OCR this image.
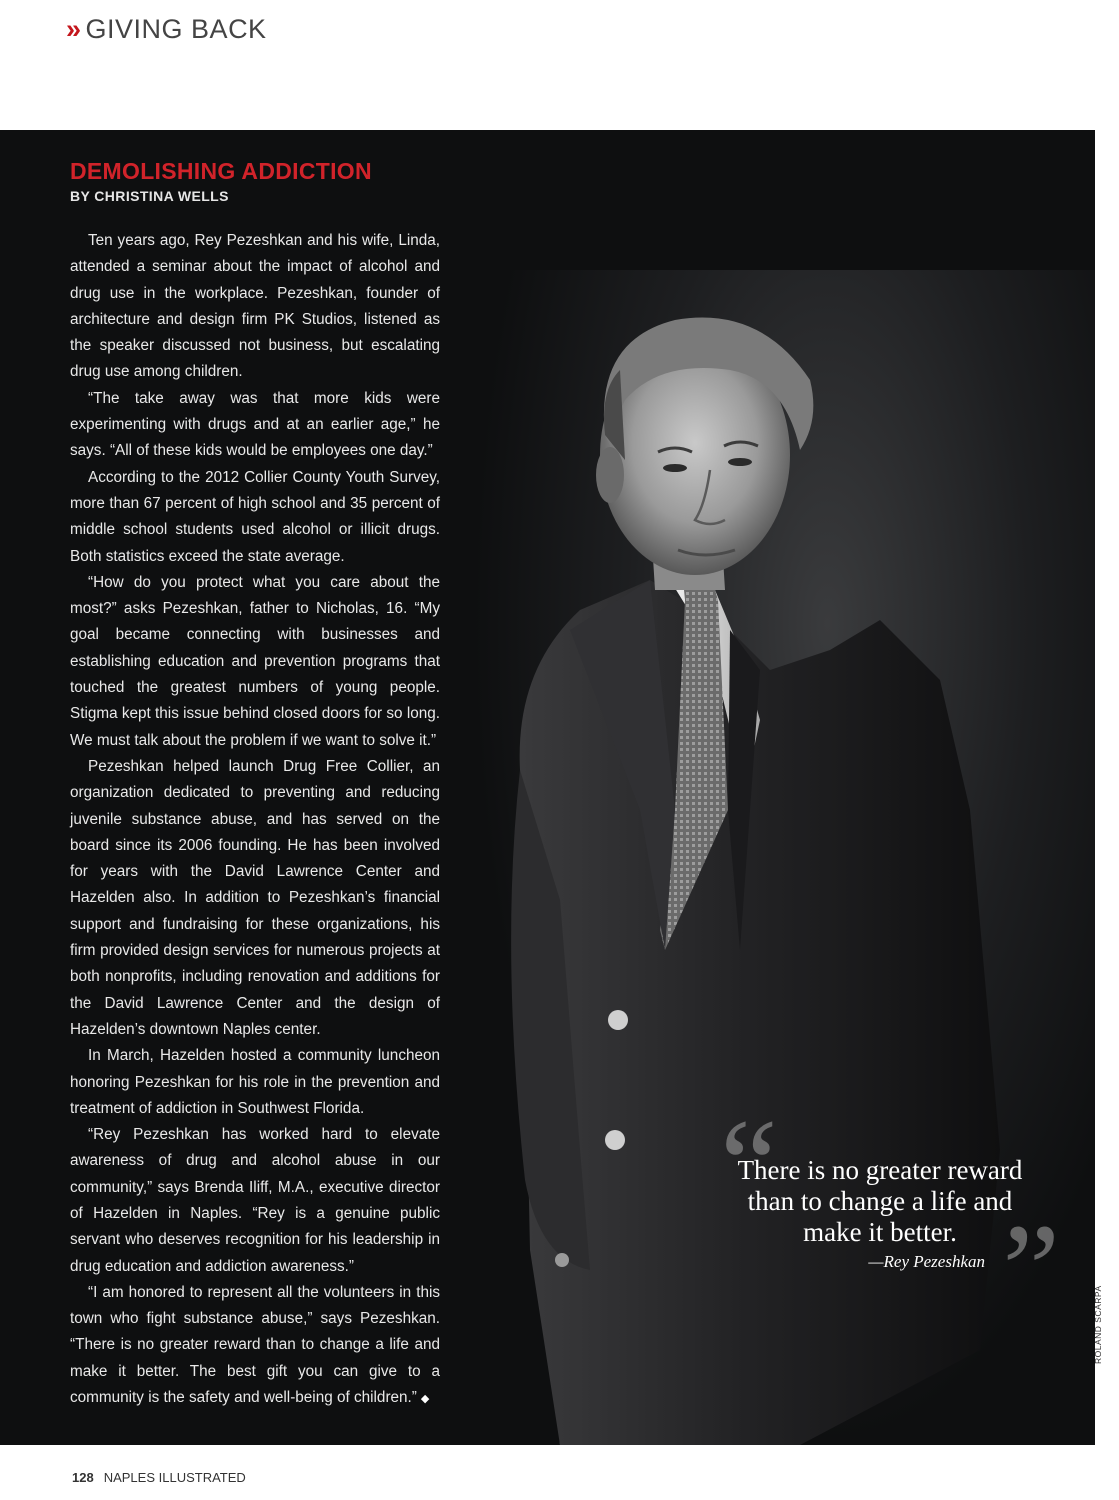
» GIVING BACK
DEMOLISHING ADDICTION
BY CHRISTINA WELLS

Ten years ago, Rey Pezeshkan and his wife, Linda, attended a seminar about the impact of alcohol and drug use in the workplace. Pezeshkan, founder of architecture and design firm PK Studios, listened as the speaker discussed not business, but escalating drug use among children.

“The take away was that more kids were experimenting with drugs and at an earlier age,” he says. “All of these kids would be employees one day.”

According to the 2012 Collier County Youth Survey, more than 67 percent of high school and 35 percent of middle school students used alcohol or illicit drugs. Both statistics exceed the state average.

“How do you protect what you care about the most?” asks Pezeshkan, father to Nicholas, 16. “My goal became connecting with businesses and establishing education and prevention programs that touched the greatest numbers of young people. Stigma kept this issue behind closed doors for so long. We must talk about the problem if we want to solve it.”

Pezeshkan helped launch Drug Free Collier, an organization dedicated to preventing and reducing juvenile substance abuse, and has served on the board since its 2006 founding. He has been involved for years with the David Lawrence Center and Hazelden also. In addition to Pezeshkan’s financial support and fundraising for these organizations, his firm provided design services for numerous projects at both nonprofits, including renovation and additions for the David Lawrence Center and the design of Hazelden’s downtown Naples center.

In March, Hazelden hosted a community luncheon honoring Pezeshkan for his role in the prevention and treatment of addiction in Southwest Florida.

“Rey Pezeshkan has worked hard to elevate awareness of drug and alcohol abuse in our community,” says Brenda Iliff, M.A., executive director of Hazelden in Naples. “Rey is a genuine public servant who deserves recognition for his leadership in drug education and addiction awareness.”

“I am honored to represent all the volunteers in this town who fight substance abuse,” says Pezeshkan. “There is no greater reward than to change a life and make it better. The best gift you can give to a community is the safety and well-being of children.” ◆

“
There is no greater reward than to change a life and make it better.
—Rey Pezeshkan ”	ROLAND SCARPA
128 NAPLES ILLUSTRATED
